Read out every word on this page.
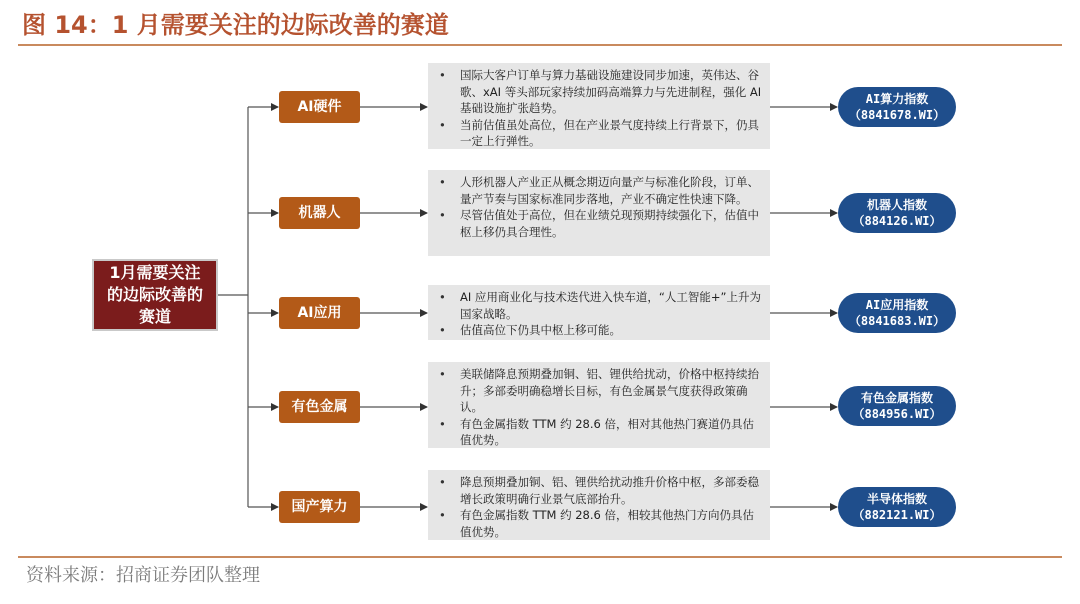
图 14：1 月需要关注的边际改善的赛道
1月需要关注的边际改善的赛道
AI硬件
机器人
AI应用
有色金属
国产算力
• 国际大客户订单与算力基础设施建设同步加速，英伟达、谷歌、xAI 等头部玩家持续加码高端算力与先进制程，强化 AI 基础设施扩张趋势。
• 当前估值虽处高位，但在产业景气度持续上行背景下，仍具一定上行弹性。
• 人形机器人产业正从概念期迈向量产与标准化阶段，订单、量产节奏与国家标准同步落地，产业不确定性快速下降。
• 尽管估值处于高位，但在业绩兑现预期持续强化下，估值中枢上移仍具合理性。
• AI 应用商业化与技术迭代进入快车道，“人工智能+”上升为国家战略。
• 估值高位下仍具中枢上移可能。
• 美联储降息预期叠加铜、铝、锂供给扰动，价格中枢持续抬升；多部委明确稳增长目标，有色金属景气度获得政策确认。
• 有色金属指数 TTM 约 28.6 倍，相对其他热门赛道仍具估值优势。
• 降息预期叠加铜、铝、锂供给扰动推升价格中枢，多部委稳增长政策明确行业景气底部抬升。
• 有色金属指数 TTM 约 28.6 倍，相较其他热门方向仍具估值优势。
AI算力指数
（8841678.WI）
机器人指数
（884126.WI）
AI应用指数
（8841683.WI）
有色金属指数
（884956.WI）
半导体指数
（882121.WI）
资料来源：招商证券团队整理
